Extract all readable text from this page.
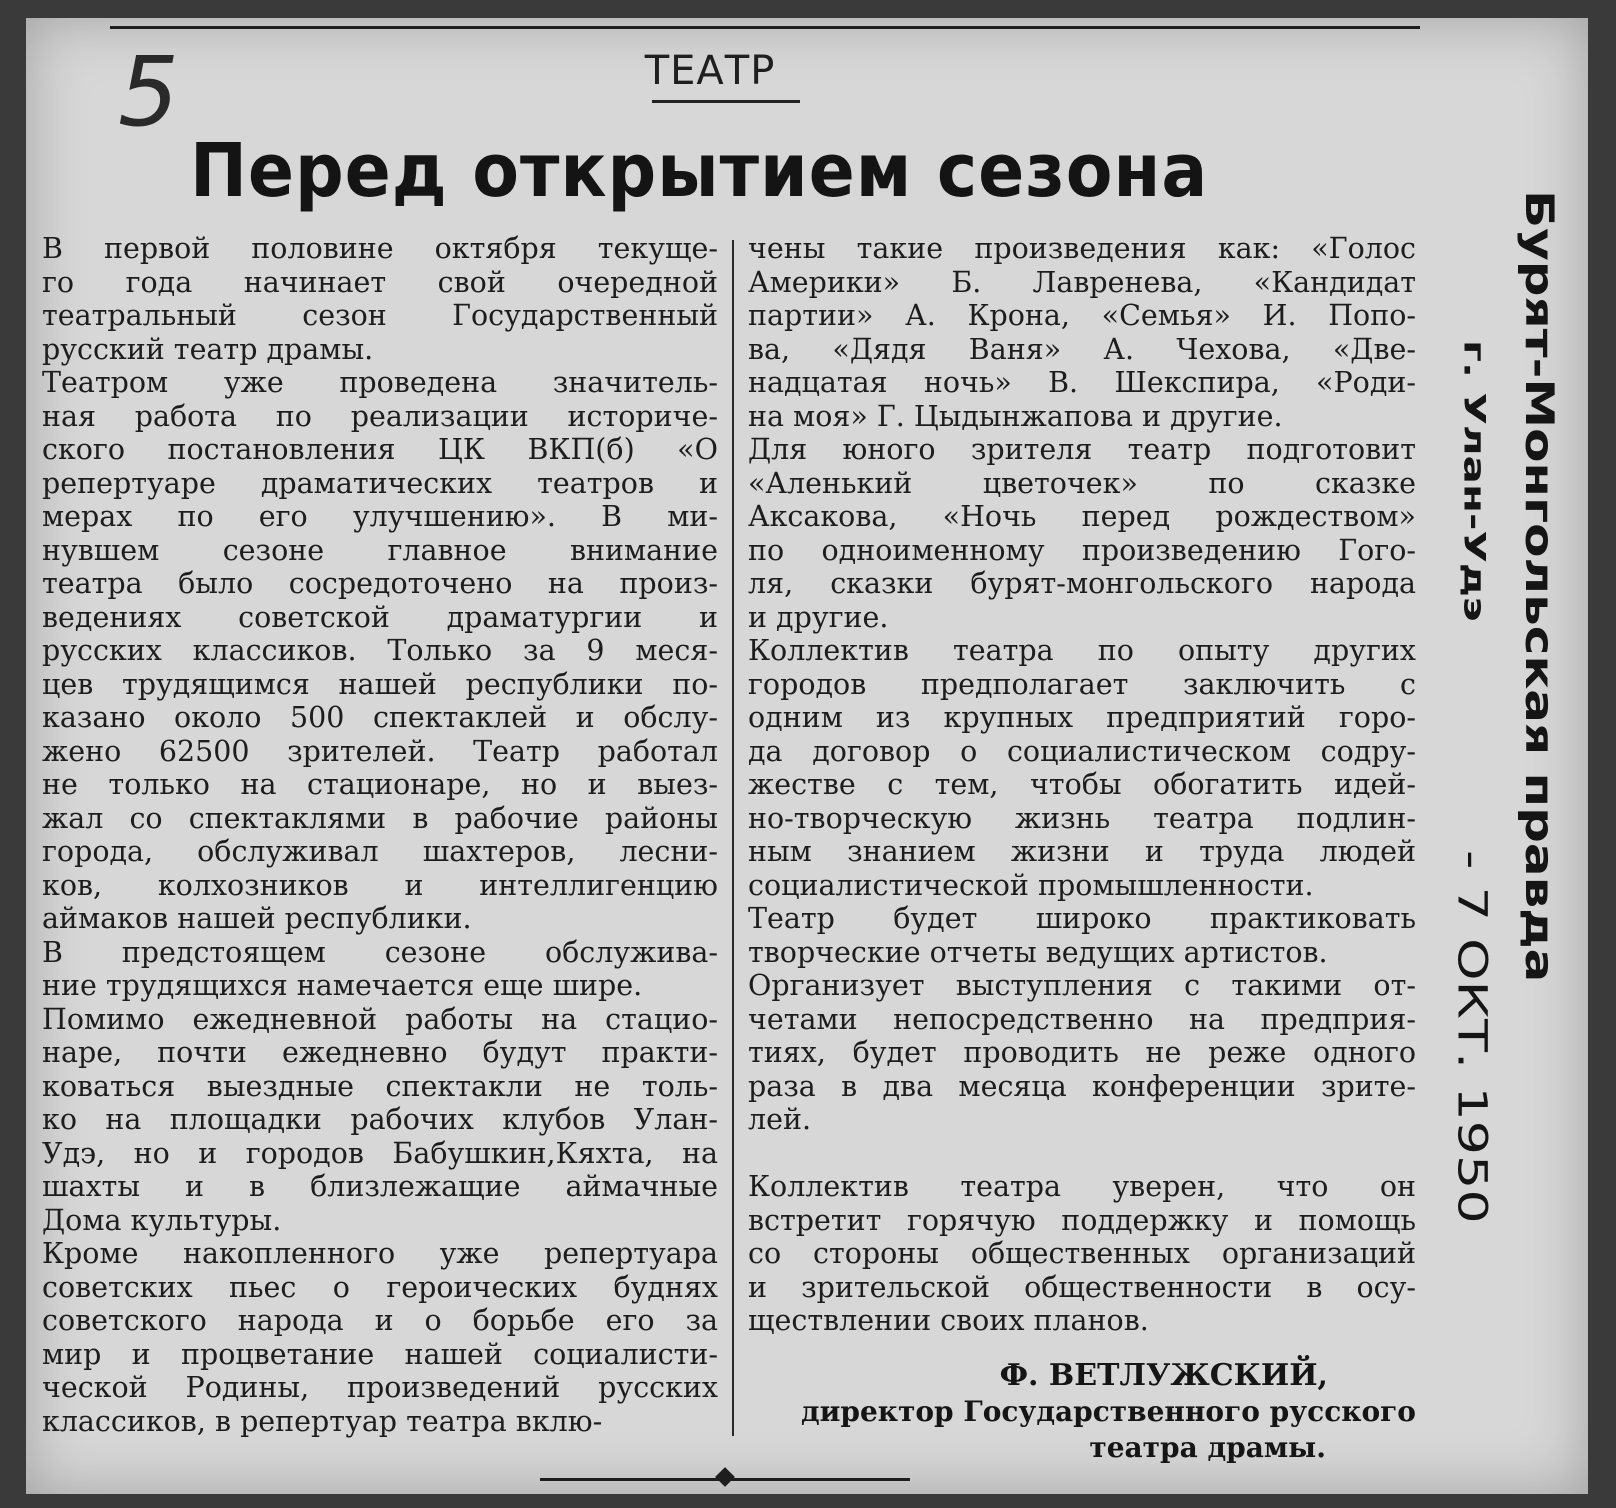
5	ТЕАТР
Перед открытием сезона
В первой половине октября текуще-
го года начинает свой очередной
театральный сезон Государственный
русский театр драмы.
Театром уже проведена значитель-
ная работа по реализации историче-
ского постановления ЦК ВКП(б) «О
репертуаре драматических театров и
мерах по его улучшению». В ми-
нувшем сезоне главное внимание
театра было сосредоточено на произ-
ведениях советской драматургии и
русских классиков. Только за 9 меся-
цев трудящимся нашей республики по-
казано около 500 спектаклей и обслу-
жено 62500 зрителей. Театр работал
не только на стационаре, но и выез-
жал со спектаклями в рабочие районы
города, обслуживал шахтеров, лесни-
ков, колхозников и интеллигенцию
аймаков нашей республики.
В предстоящем сезоне обслужива-
ние трудящихся намечается еще шире.
Помимо ежедневной работы на стацио-
наре, почти ежедневно будут практи-
коваться выездные спектакли не толь-
ко на площадки рабочих клубов Улан-
Удэ, но и городов Бабушкин,Кяхта, на
шахты и в близлежащие аймачные
Дома культуры.
Кроме накопленного уже репертуара
советских пьес о героических буднях
советского народа и о борьбе его за
мир и процветание нашей социалисти-
ческой Родины, произведений русских
классиков, в репертуар театра вклю-
чены такие произведения как: «Голос
Америки» Б. Лавренева, «Кандидат
партии» А. Крона, «Семья» И. Попо-
ва, «Дядя Ваня» А. Чехова, «Две-
надцатая ночь» В. Шекспира, «Роди-
на моя» Г. Цыдынжапова и другие.
Для юного зрителя театр подготовит
«Аленький цветочек» по сказке
Аксакова, «Ночь перед рождеством»
по одноименному произведению Гого-
ля, сказки бурят-монгольского народа
и другие.
Коллектив театра по опыту других
городов предполагает заключить с
одним из крупных предприятий горо-
да договор о социалистическом содру-
жестве с тем, чтобы обогатить идей-
но-творческую жизнь театра подлин-
ным знанием жизни и труда людей
социалистической промышленности.
Театр будет широко практиковать
творческие отчеты ведущих артистов.
Организует выступления с такими от-
четами непосредственно на предприя-
тиях, будет проводить не реже одного
раза в два месяца конференции зрите-
лей.
Коллектив театра уверен, что он
встретит горячую поддержку и помощь
со стороны общественных организаций
и зрительской общественности в осу-
ществлении своих планов.
Ф. ВЕТЛУЖСКИЙ,
директор Государственного русского
театра драмы.
Бурят-Монгольская правда
г. Улан-Удэ
- 7 ОКТ. 1950
